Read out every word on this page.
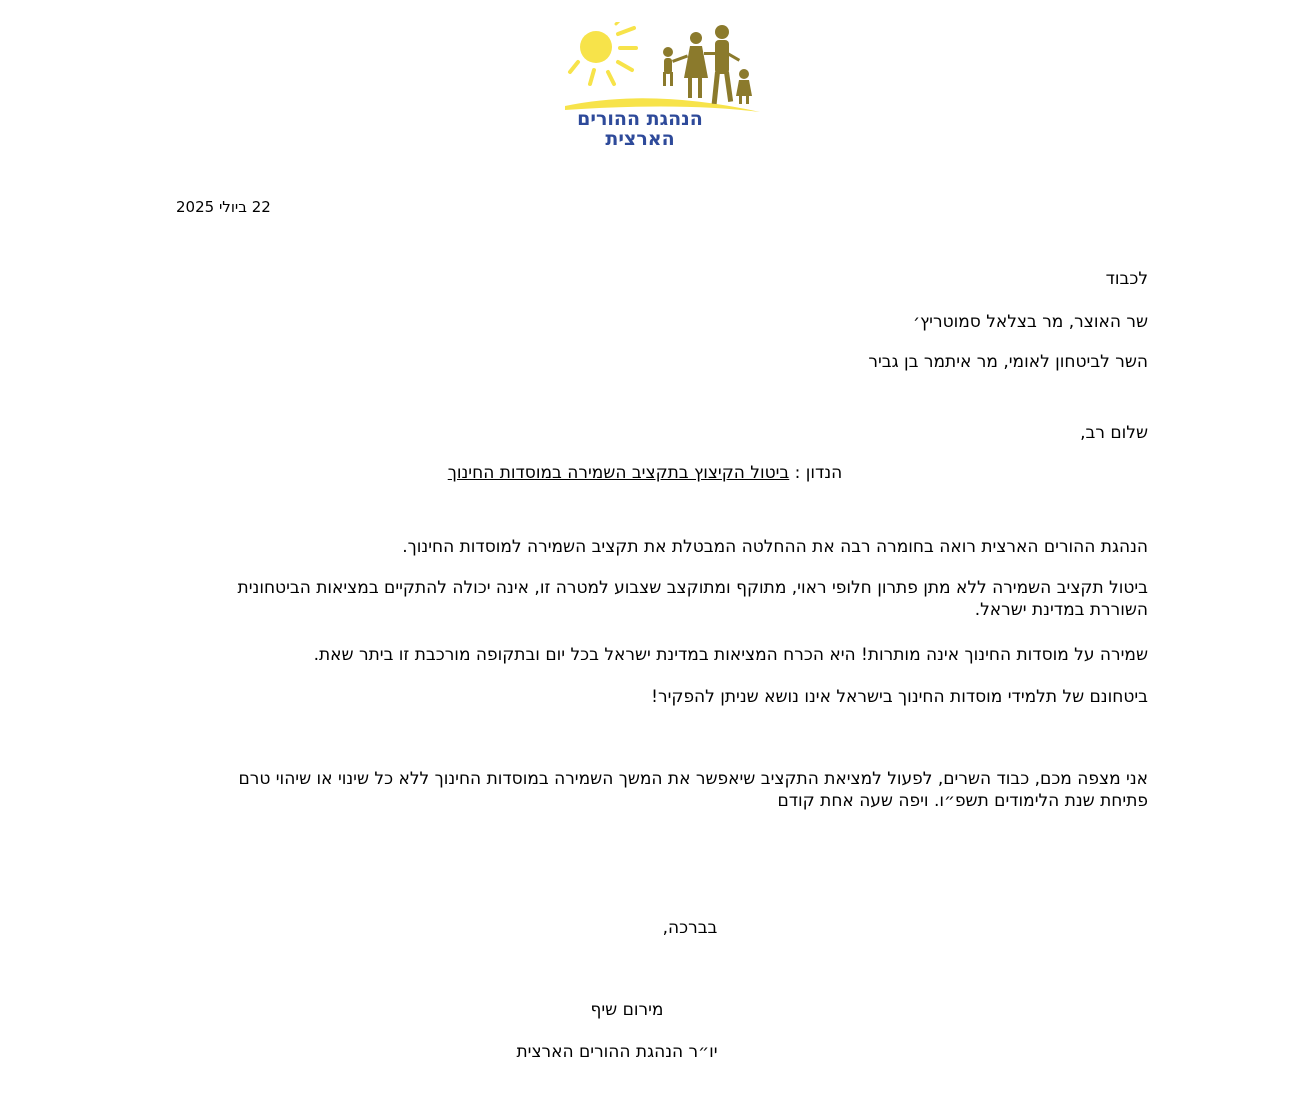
הנהגת ההורים
הארצית
22 ביולי 2025
לכבוד
שר האוצר, מר בצלאל סמוטריץ׳
השר לביטחון לאומי, מר איתמר בן גביר
שלום רב,
הנדון : ביטול הקיצוץ בתקציב השמירה במוסדות החינוך
הנהגת ההורים הארצית רואה בחומרה רבה את ההחלטה המבטלת את תקציב השמירה למוסדות החינוך.
ביטול תקציב השמירה ללא מתן פתרון חלופי ראוי, מתוקף ומתוקצב שצבוע למטרה זו, אינה יכולה להתקיים במציאות הביטחונית השוררת במדינת ישראל.
שמירה על מוסדות החינוך אינה מותרות! היא הכרח המציאות במדינת ישראל בכל יום ובתקופה מורכבת זו ביתר שאת.
ביטחונם של תלמידי מוסדות החינוך בישראל אינו נושא שניתן להפקיר!
אני מצפה מכם, כבוד השרים, לפעול למציאת התקציב שיאפשר את המשך השמירה במוסדות החינוך ללא כל שינוי או שיהוי טרם פתיחת שנת הלימודים תשפ״ו. ויפה שעה אחת קודם
בברכה,
מירום שיף
יו״ר הנהגת ההורים הארצית
